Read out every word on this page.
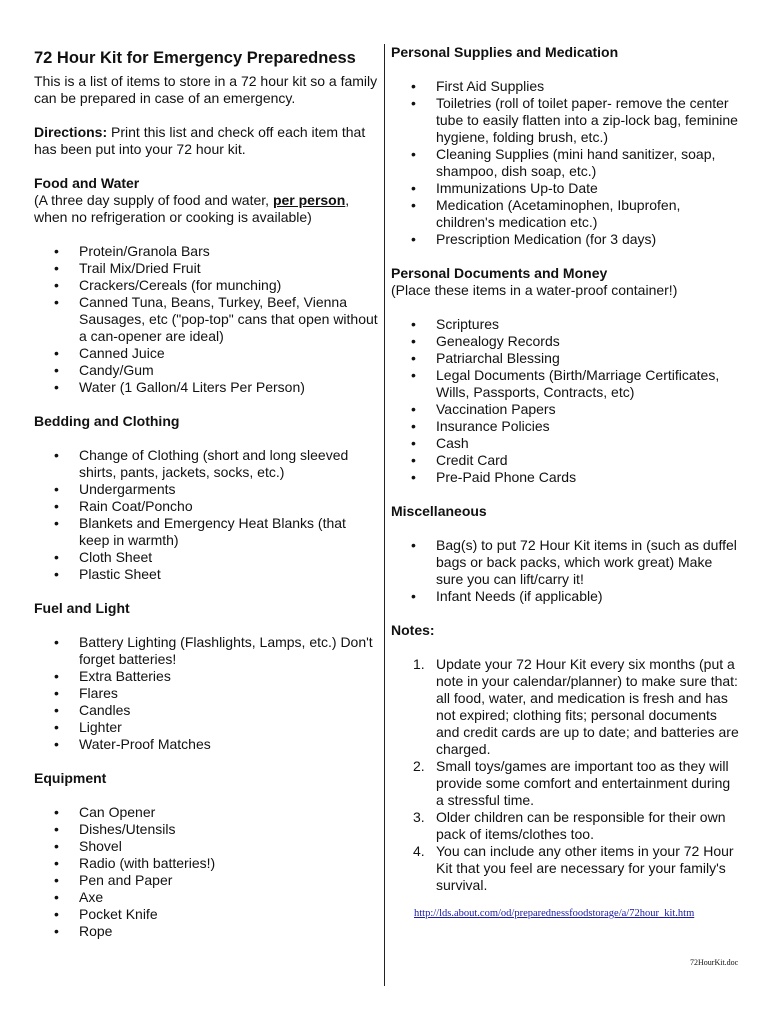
72 Hour Kit for Emergency Preparedness

This is a list of items to store in a 72 hour kit so a family can be prepared in case of an emergency.

Directions: Print this list and check off each item that has been put into your 72 hour kit.

Food and Water

(A three day supply of food and water, per person, when no refrigeration or cooking is available)

• Protein/Granola Bars
• Trail Mix/Dried Fruit
• Crackers/Cereals (for munching)
• Canned Tuna, Beans, Turkey, Beef, Vienna Sausages, etc ("pop-top" cans that open without a can-opener are ideal)
• Canned Juice
• Candy/Gum
• Water (1 Gallon/4 Liters Per Person)
Bedding and Clothing
• Change of Clothing (short and long sleeved shirts, pants, jackets, socks, etc.)
• Undergarments
• Rain Coat/Poncho
• Blankets and Emergency Heat Blanks (that keep in warmth)
• Cloth Sheet
• Plastic Sheet
Fuel and Light
• Battery Lighting (Flashlights, Lamps, etc.) Don't forget batteries!
• Extra Batteries
• Flares
• Candles
• Lighter
• Water-Proof Matches
Equipment
• Can Opener
• Dishes/Utensils
• Shovel
• Radio (with batteries!)
• Pen and Paper
• Axe
• Pocket Knife
• Rope
Personal Supplies and Medication
• First Aid Supplies
• Toiletries (roll of toilet paper- remove the center tube to easily flatten into a zip-lock bag, feminine hygiene, folding brush, etc.)
• Cleaning Supplies (mini hand sanitizer, soap, shampoo, dish soap, etc.)
• Immunizations Up-to Date
• Medication (Acetaminophen, Ibuprofen, children's medication etc.)
• Prescription Medication (for 3 days)
Personal Documents and Money

(Place these items in a water-proof container!)

• Scriptures
• Genealogy Records
• Patriarchal Blessing
• Legal Documents (Birth/Marriage Certificates, Wills, Passports, Contracts, etc)
• Vaccination Papers
• Insurance Policies
• Cash
• Credit Card
• Pre-Paid Phone Cards
Miscellaneous
• Bag(s) to put 72 Hour Kit items in (such as duffel bags or back packs, which work great) Make sure you can lift/carry it!
• Infant Needs (if applicable)
Notes:
Update your 72 Hour Kit every six months (put a note in your calendar/planner) to make sure that: all food, water, and medication is fresh and has not expired; clothing fits; personal documents and credit cards are up to date; and batteries are charged.
Small toys/games are important too as they will provide some comfort and entertainment during a stressful time.
Older children can be responsible for their own pack of items/clothes too.
You can include any other items in your 72 Hour Kit that you feel are necessary for your family's survival.
http://lds.about.com/od/preparednessfoodstorage/a/72hour_kit.htm
72HourKit.doc
